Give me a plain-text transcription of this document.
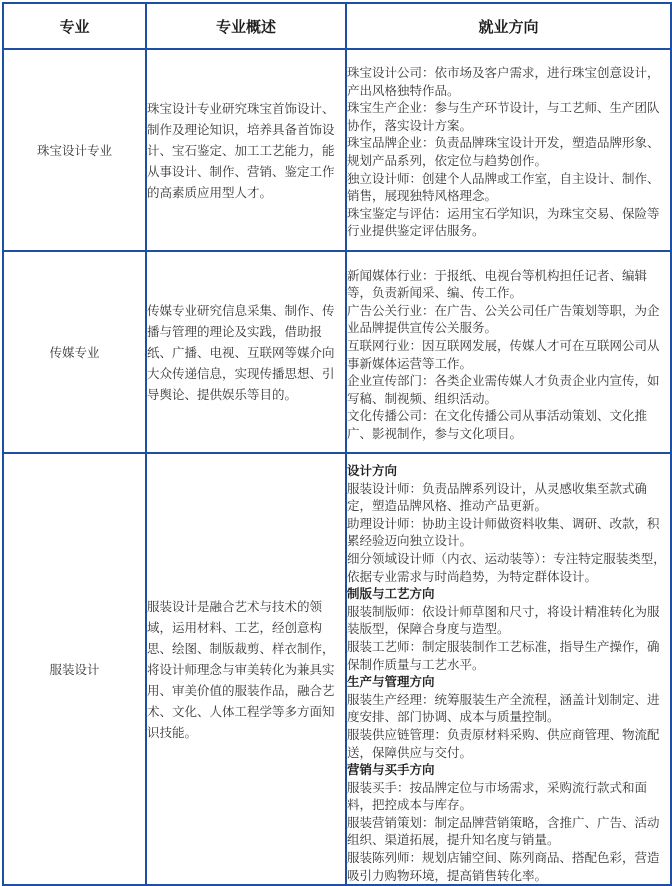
专业	专业概述	就业方向
珠宝设计专业	珠宝设计专业研究珠宝首饰设计、制作及理论知识，培养具备首饰设计、宝石鉴定、加工工艺能力，能从事设计、制作、营销、鉴定工作的高素质应用型人才。	珠宝设计公司：依市场及客户需求，进行珠宝创意设计，产出风格独特作品。

珠宝生产企业：参与生产环节设计，与工艺师、生产团队协作，落实设计方案。

珠宝品牌企业：负责品牌珠宝设计开发，塑造品牌形象、规划产品系列，依定位与趋势创作。

独立设计师：创建个人品牌或工作室，自主设计、制作、销售，展现独特风格理念。

珠宝鉴定与评估：运用宝石学知识，为珠宝交易、保险等行业提供鉴定评估服务。

传媒专业	传媒专业研究信息采集、制作、传播与管理的理论及实践，借助报纸、广播、电视、互联网等媒介向大众传递信息，实现传播思想、引导舆论、提供娱乐等目的。	新闻媒体行业：于报纸、电视台等机构担任记者、编辑等，负责新闻采、编、传工作。

广告公关行业：在广告、公关公司任广告策划等职，为企业品牌提供宣传公关服务。

互联网行业：因互联网发展，传媒人才可在互联网公司从事新媒体运营等工作。

企业宣传部门：各类企业需传媒人才负责企业内宣传，如写稿、制视频、组织活动。

文化传播公司：在文化传播公司从事活动策划、文化推广、影视制作，参与文化项目。

服装设计	服装设计是融合艺术与技术的领域，运用材料、工艺，经创意构思、绘图、制版裁剪、样衣制作，将设计师理念与审美转化为兼具实用、审美价值的服装作品，融合艺术、文化、人体工程学等多方面知识技能。	

设计方向

服装设计师：负责品牌系列设计，从灵感收集至款式确定，塑造品牌风格、推动产品更新。

助理设计师：协助主设计师做资料收集、调研、改款，积累经验迈向独立设计。

细分领域设计师（内衣、运动装等）：专注特定服装类型，依据专业需求与时尚趋势，为特定群体设计。

制版与工艺方向

服装制版师：依设计师草图和尺寸，将设计精准转化为服装版型，保障合身度与造型。

服装工艺师：制定服装制作工艺标准，指导生产操作，确保制作质量与工艺水平。

生产与管理方向

服装生产经理：统筹服装生产全流程，涵盖计划制定、进度安排、部门协调、成本与质量控制。

服装供应链管理：负责原材料采购、供应商管理、物流配送，保障供应与交付。

营销与买手方向

服装买手：按品牌定位与市场需求，采购流行款式和面料，把控成本与库存。

服装营销策划：制定品牌营销策略，含推广、广告、活动组织、渠道拓展，提升知名度与销量。

服装陈列师：规划店铺空间、陈列商品、搭配色彩，营造吸引力购物环境，提高销售转化率。
